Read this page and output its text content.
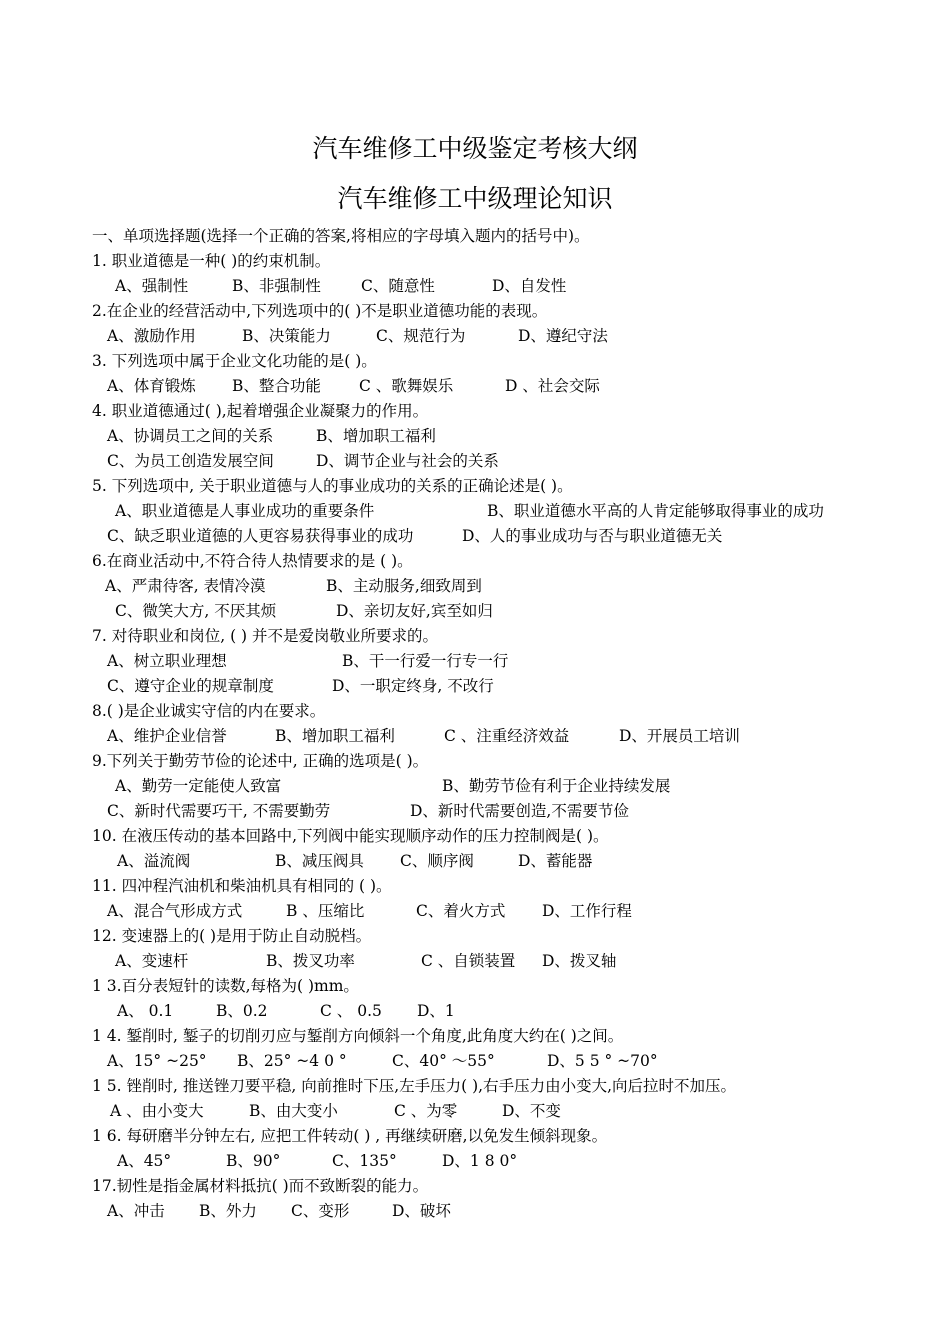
汽车维修工中级鉴定考核大纲
汽车维修工中级理论知识
一、单项选择题(选择一个正确的答案,将相应的字母填入题内的括号中)。
1. 职业道德是一种( )的约束机制。
A、强制性	B、非强制性	C、随意性	D、自发性
2.在企业的经营活动中,下列选项中的( )不是职业道德功能的表现。
A、激励作用	B、决策能力	C、规范行为	D、遵纪守法
3. 下列选项中属于企业文化功能的是( )。
A、体育锻炼 B、整合功能 C 、歌舞娱乐	D 、社会交际
4. 职业道德通过( ),起着增强企业凝聚力的作用。
A、协调员工之间的关系	B、增加职工福利
C、为员工创造发展空间	D、调节企业与社会的关系
5. 下列选项中, 关于职业道德与人的事业成功的关系的正确论述是( )。
A、职业道德是人事业成功的重要条件	B、职业道德水平高的人肯定能够取得事业的成功
C、缺乏职业道德的人更容易获得事业的成功	D、人的事业成功与否与职业道德无关
6.在商业活动中,不符合待人热情要求的是 ( )。
A、严肃待客, 表情冷漠	B、主动服务,细致周到
C、微笑大方, 不厌其烦	D、亲切友好,宾至如归
7. 对待职业和岗位, ( ) 并不是爱岗敬业所要求的。
A、树立职业理想	B、干一行爱一行专一行
C、遵守企业的规章制度	D、一职定终身, 不改行
8.( )是企业诚实守信的内在要求。
A、维护企业信誉	B、增加职工福利	C 、注重经济效益	D、开展员工培训
9.下列关于勤劳节俭的论述中, 正确的选项是( )。
A、勤劳一定能使人致富	B、勤劳节俭有利于企业持续发展
C、新时代需要巧干, 不需要勤劳	D、新时代需要创造,不需要节俭
10. 在液压传动的基本回路中,下列阀中能实现顺序动作的压力控制阀是( )。
A、溢流阀	B、减压阀具 C、顺序阀	D、蓄能器
11. 四冲程汽油机和柴油机具有相同的 ( )。
A、混合气形成方式	B 、压缩比	C、着火方式 D、工作行程
12. 变速器上的( )是用于防止自动脱档。
A、变速杆	B、拨叉功率	C 、自锁装置 D、拨叉轴
1 3.百分表短针的读数,每格为( )mm。
A、 0.1	B、0.2	C 、 0.5 D、1
1 4. 錾削时, 錾子的切削刃应与錾削方向倾斜一个角度,此角度大约在( )之间。
A、15° ~25° B、25° ~4 0 °	C、40° ～55°	D、5 5 ° ~70°
1 5. 锉削时, 推送锉刀要平稳, 向前推时下压,左手压力( ),右手压力由小变大,向后拉时不加压。
A 、由小变大	B、由大变小	C 、为零	D、不变
1 6. 每研磨半分钟左右, 应把工件转动( ) , 再继续研磨,以免发生倾斜现象。
A、45°	B、90°	C、135°	D、1 8 0°
17.韧性是指金属材料抵抗( )而不致断裂的能力。
A、冲击 B、外力 C、变形	D、破坏
